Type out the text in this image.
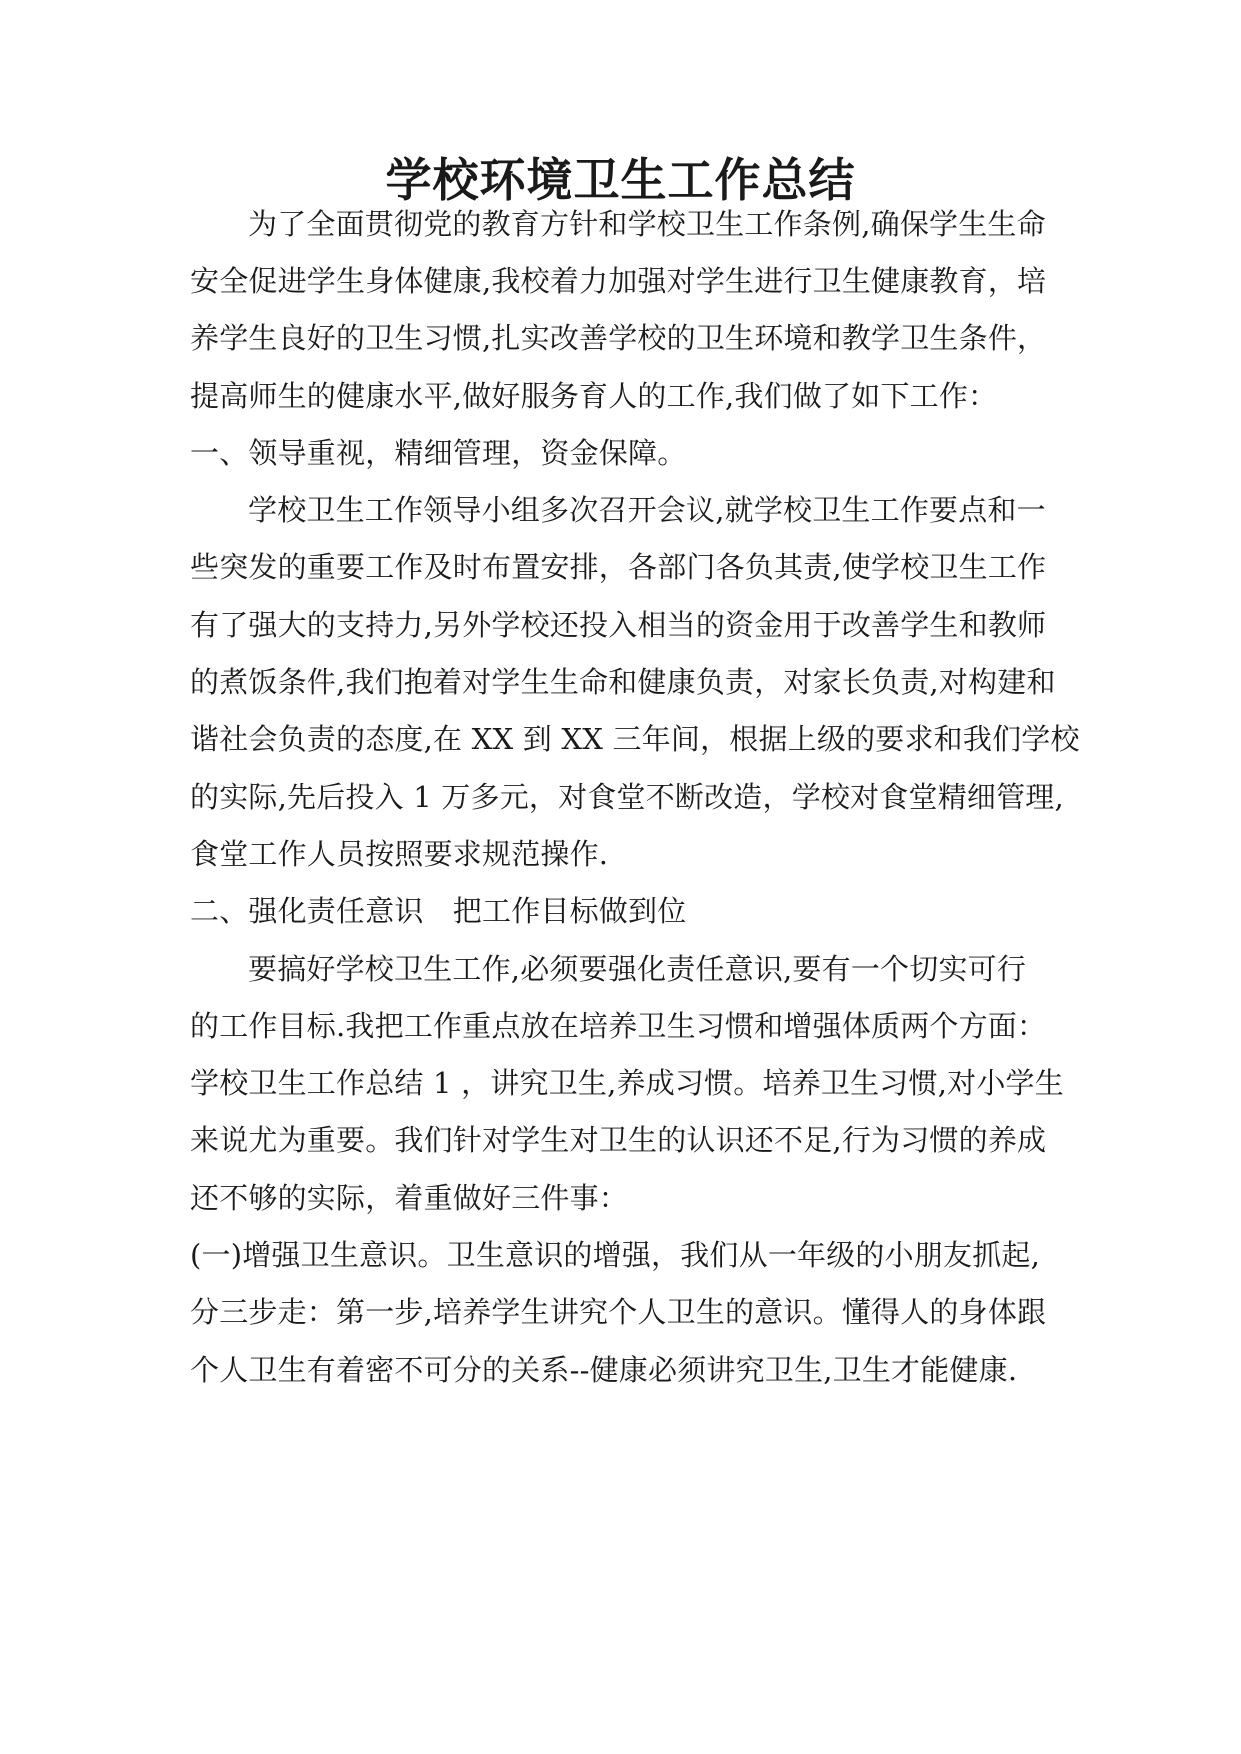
学校环境卫生工作总结
为了全面贯彻党的教育方针和学校卫生工作条例,确保学生生命
安全促进学生身体健康,我校着力加强对学生进行卫生健康教育，培
养学生良好的卫生习惯,扎实改善学校的卫生环境和教学卫生条件，
提高师生的健康水平,做好服务育人的工作,我们做了如下工作：
一、领导重视，精细管理，资金保障。
学校卫生工作领导小组多次召开会议,就学校卫生工作要点和一
些突发的重要工作及时布置安排，各部门各负其责,使学校卫生工作
有了强大的支持力,另外学校还投入相当的资金用于改善学生和教师
的煮饭条件,我们抱着对学生生命和健康负责，对家长负责,对构建和
谐社会负责的态度,在 XX 到 XX 三年间，根据上级的要求和我们学校
的实际,先后投入 1 万多元，对食堂不断改造，学校对食堂精细管理,
食堂工作人员按照要求规范操作.
二、强化责任意识　把工作目标做到位
要搞好学校卫生工作,必须要强化责任意识,要有一个切实可行
的工作目标.我把工作重点放在培养卫生习惯和增强体质两个方面：
学校卫生工作总结 1 ，讲究卫生,养成习惯。培养卫生习惯,对小学生
来说尤为重要。我们针对学生对卫生的认识还不足,行为习惯的养成
还不够的实际，着重做好三件事：
(一)增强卫生意识。卫生意识的增强，我们从一年级的小朋友抓起,
分三步走：第一步,培养学生讲究个人卫生的意识。懂得人的身体跟
个人卫生有着密不可分的关系--健康必须讲究卫生,卫生才能健康.
